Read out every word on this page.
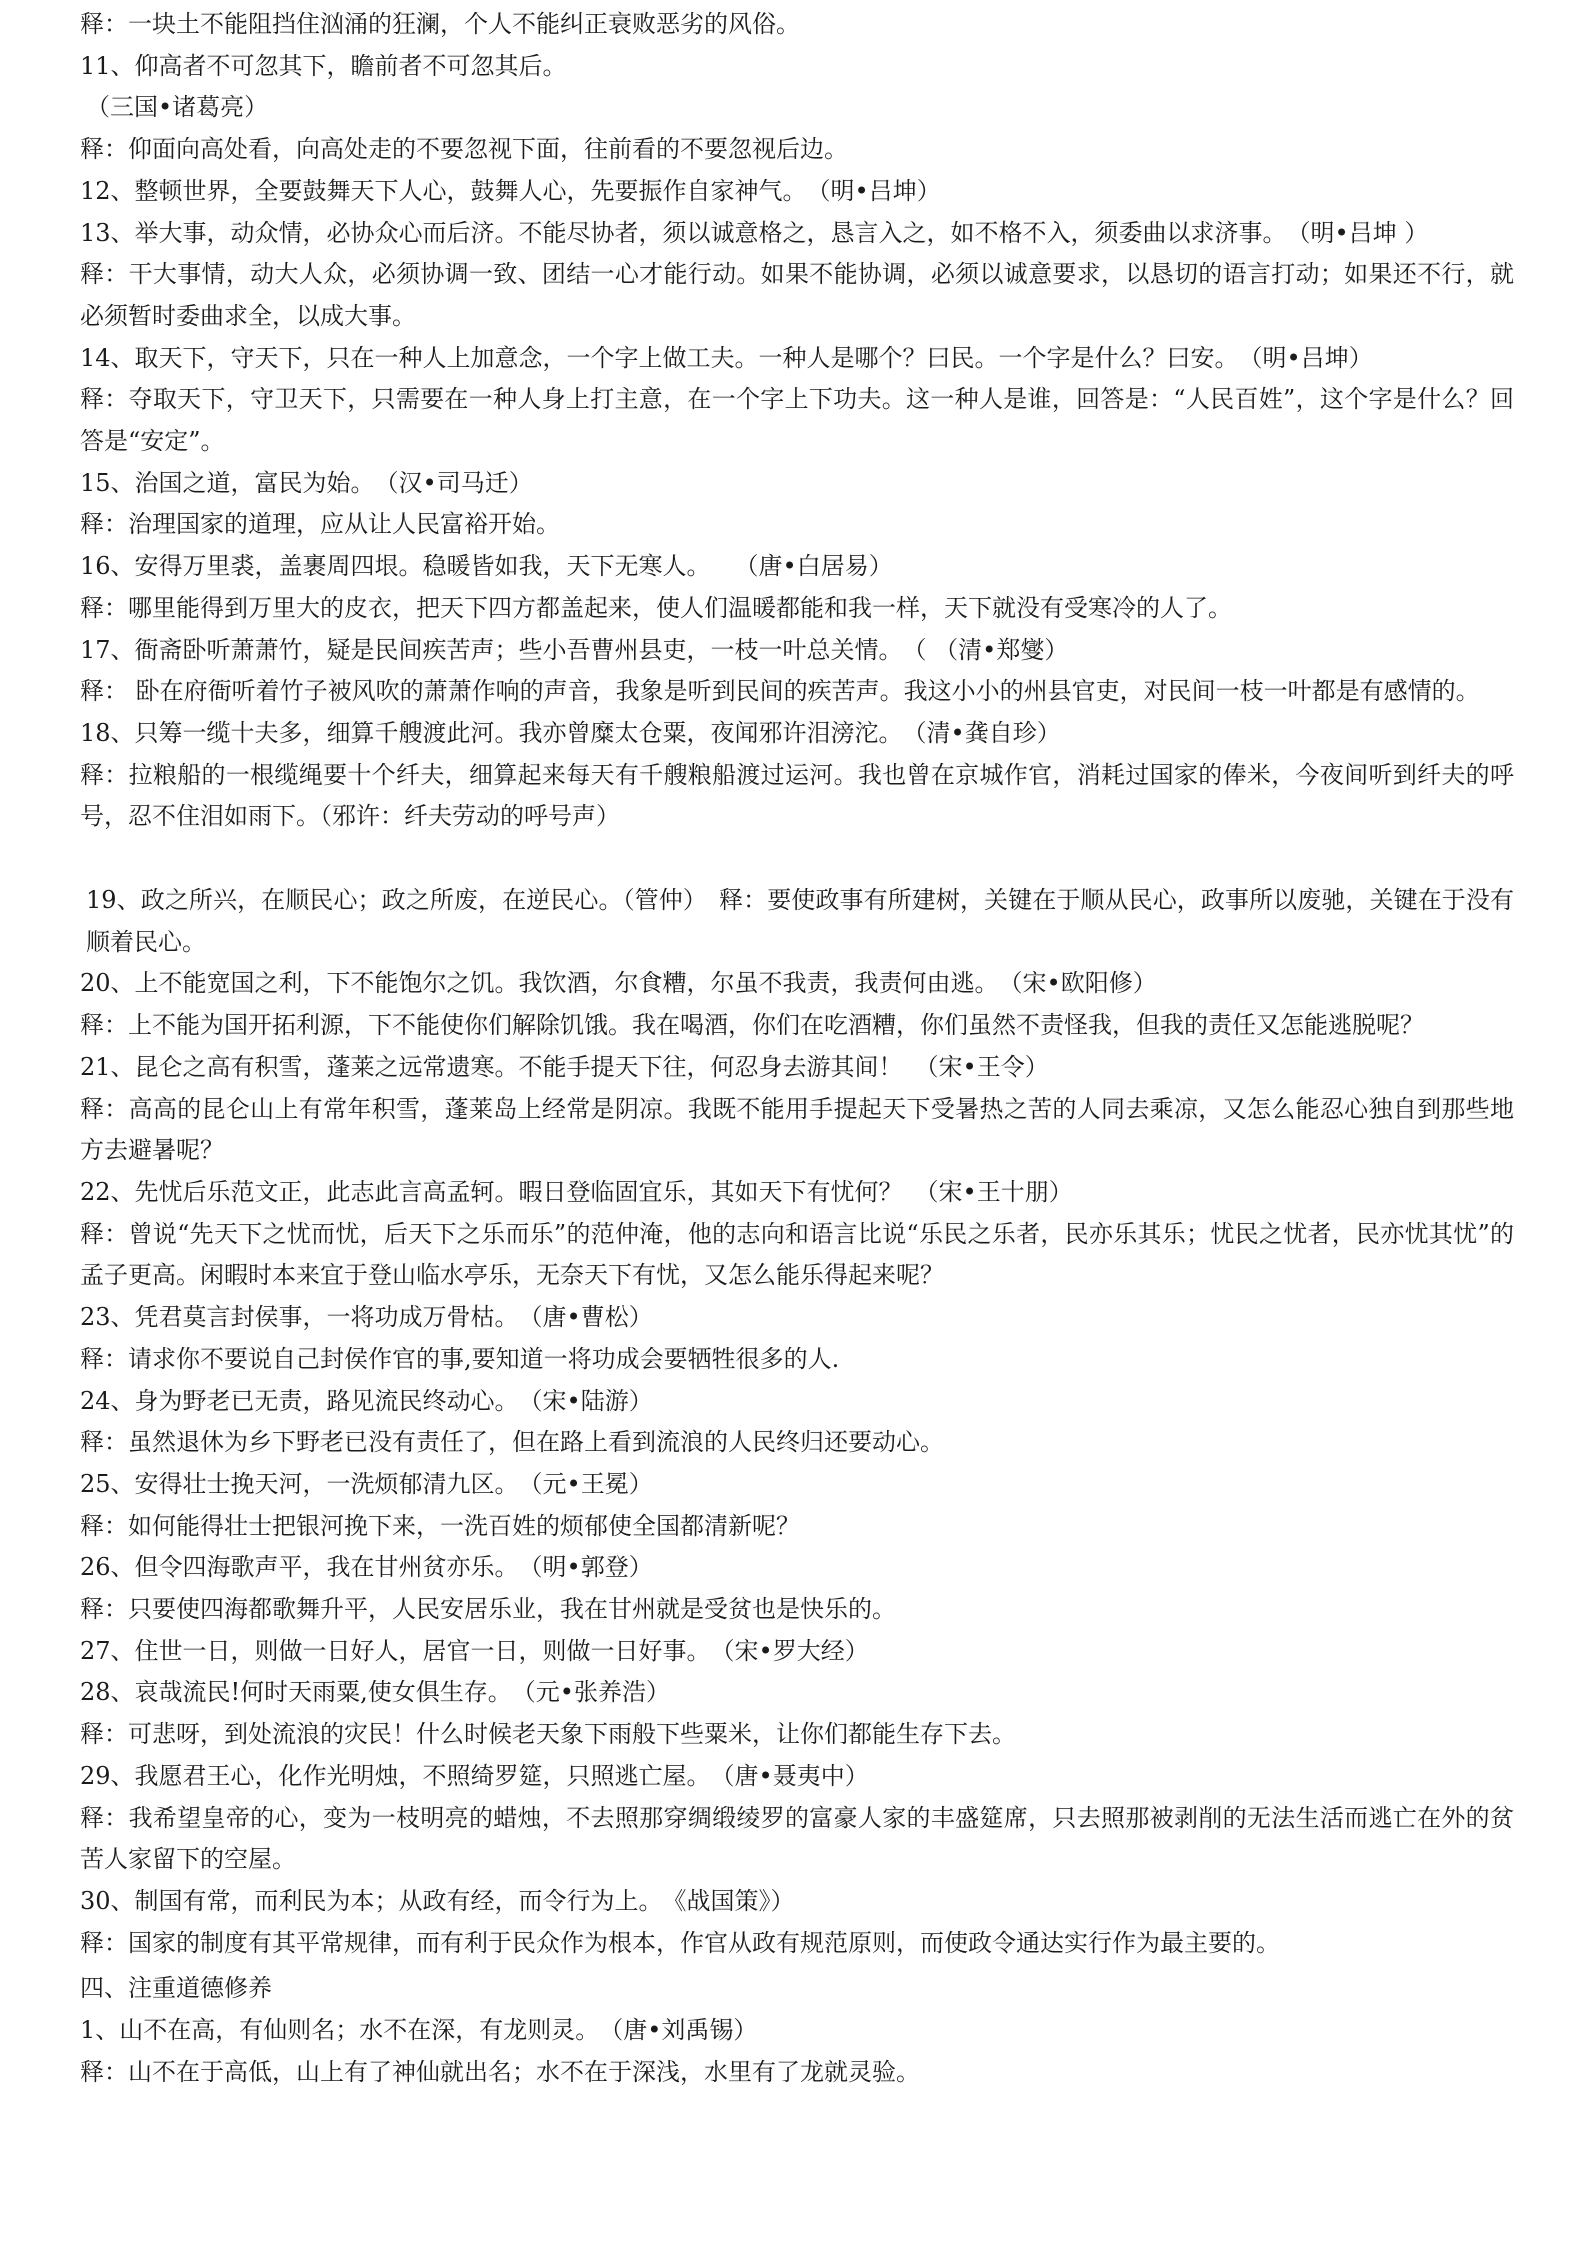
释：一块土不能阻挡住汹涌的狂澜，个人不能纠正衰败恶劣的风俗。
11、仰高者不可忽其下，瞻前者不可忽其后。
（三国•诸葛亮）
释：仰面向高处看，向高处走的不要忽视下面，往前看的不要忽视后边。
12、整顿世界，全要鼓舞天下人心，鼓舞人心，先要振作自家神气。　（明•吕坤）
13、举大事，动众情，必协众心而后济。不能尽协者，须以诚意格之，恳言入之，如不格不入，须委曲以求济事。　（明•吕坤 ）
释：干大事情，动大人众，必须协调一致、团结一心才能行动。如果不能协调，必须以诚意要求，以恳切的语言打动；如果还不行，就必须暂时委曲求全，以成大事。
14、取天下，守天下，只在一种人上加意念，一个字上做工夫。一种人是哪个？曰民。一个字是什么？曰安。　（明•吕坤）
释：夺取天下，守卫天下，只需要在一种人身上打主意，在一个字上下功夫。这一种人是谁，回答是：“人民百姓”，这个字是什么？回答是“安定”。
15、治国之道，富民为始。　（汉•司马迁）
释：治理国家的道理，应从让人民富裕开始。
16、安得万里裘，盖裹周四垠。稳暖皆如我，天下无寒人。　　（唐•白居易）
释：哪里能得到万里大的皮衣，把天下四方都盖起来，使人们温暖都能和我一样，天下就没有受寒冷的人了。
17、衙斋卧听萧萧竹，疑是民间疾苦声；些小吾曹州县吏，一枝一叶总关情。　（ （清•郑燮）
释： 卧在府衙听着竹子被风吹的萧萧作响的声音，我象是听到民间的疾苦声。我这小小的州县官吏，对民间一枝一叶都是有感情的。
18、只筹一缆十夫多，细算千艘渡此河。我亦曾糜太仓粟，夜闻邪许泪滂沱。　（清•龚自珍）
释：拉粮船的一根缆绳要十个纤夫，细算起来每天有千艘粮船渡过运河。我也曾在京城作官，消耗过国家的俸米，今夜间听到纤夫的呼号，忍不住泪如雨下。（邪许：纤夫劳动的呼号声）
19、政之所兴，在顺民心；政之所废，在逆民心。（管仲）　释：要使政事有所建树，关键在于顺从民心，政事所以废驰，关键在于没有顺着民心。
20、上不能宽国之利，下不能饱尔之饥。我饮酒，尔食糟，尔虽不我责，我责何由逃。　（宋•欧阳修）
释：上不能为国开拓利源，下不能使你们解除饥饿。我在喝酒，你们在吃酒糟，你们虽然不责怪我，但我的责任又怎能逃脱呢？
21、昆仑之高有积雪，蓬莱之远常遗寒。不能手提天下往，何忍身去游其间！　（宋•王令）
释：高高的昆仑山上有常年积雪，蓬莱岛上经常是阴凉。我既不能用手提起天下受暑热之苦的人同去乘凉，又怎么能忍心独自到那些地方去避暑呢？
22、先忧后乐范文正，此志此言高孟轲。暇日登临固宜乐，其如天下有忧何？　（宋•王十朋）
释：曾说“先天下之忧而忧，后天下之乐而乐”的范仲淹，他的志向和语言比说“乐民之乐者，民亦乐其乐；忧民之忧者，民亦忧其忧”的孟子更高。闲暇时本来宜于登山临水亭乐，无奈天下有忧，又怎么能乐得起来呢？
23、凭君莫言封侯事，一将功成万骨枯。　（唐•曹松）
释：请求你不要说自己封侯作官的事,要知道一将功成会要牺牲很多的人.
24、身为野老已无责，路见流民终动心。　（宋•陆游）
释：虽然退休为乡下野老已没有责任了，但在路上看到流浪的人民终归还要动心。
25、安得壮士挽天河，一洗烦郁清九区。　（元•王冕）
释：如何能得壮士把银河挽下来，一洗百姓的烦郁使全国都清新呢？
26、但令四海歌声平，我在甘州贫亦乐。　（明•郭登）
释：只要使四海都歌舞升平，人民安居乐业，我在甘州就是受贫也是快乐的。
27、住世一日，则做一日好人，居官一日，则做一日好事。　（宋•罗大经）
28、哀哉流民!何时天雨粟,使女俱生存。　（元•张养浩）
释：可悲呀，到处流浪的灾民！什么时候老天象下雨般下些粟米，让你们都能生存下去。
29、我愿君王心，化作光明烛，不照绮罗筵，只照逃亡屋。　（唐•聂夷中）
释：我希望皇帝的心，变为一枝明亮的蜡烛，不去照那穿绸缎绫罗的富豪人家的丰盛筵席，只去照那被剥削的无法生活而逃亡在外的贫苦人家留下的空屋。
30、制国有常，而利民为本；从政有经，而令行为上。　《战国策》）
释：国家的制度有其平常规律，而有利于民众作为根本，作官从政有规范原则，而使政令通达实行作为最主要的。
四、注重道德修养
1、山不在高，有仙则名；水不在深，有龙则灵。　（唐•刘禹锡）
释：山不在于高低，山上有了神仙就出名；水不在于深浅，水里有了龙就灵验。
